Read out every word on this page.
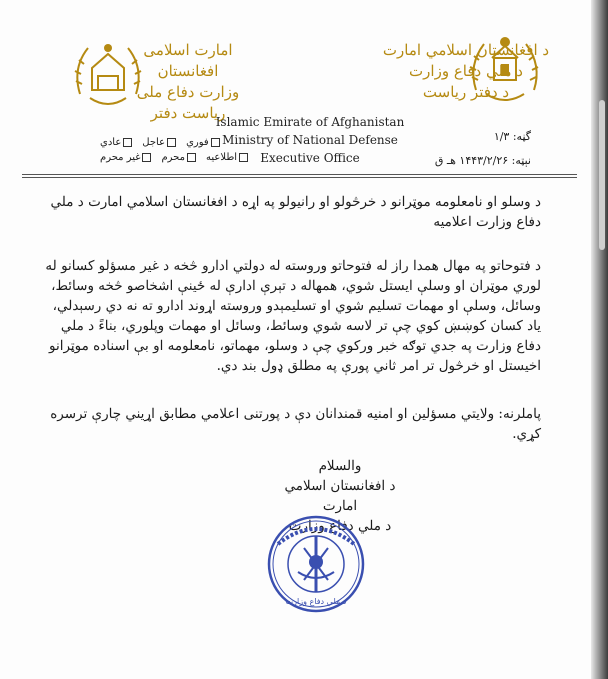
د افغانستان اسلامي امارت
د ملي دفاع وزارت
د دفتر رياست
امارت اسلامی افغانستان
وزارت دفاع ملی
ریاست دفتر
Islamic Emirate of Afghanistan
Ministry of National Defense
Executive Office
گڼه: ۱/۳
نېټه: ۱۴۴۳/۲/۲۶ هـ ق
فوري
عاجل
عادي
اطلاعيه
محرم
غير محرم
د وسلو او نامعلومه موټرانو د خرڅولو او رانيولو په اړه د افغانستان اسلامي امارت د ملي دفاع وزارت اعلاميه
د فتوحاتو په مهال همدا راز له فتوحاتو وروسته له دولتي ادارو څخه د غير مسؤلو کسانو له لوري موټران او وسلې ايستل شوي، همهاله د تېرې ادارې له ځينې اشخاصو څخه وسائط، وسائل، وسلې او مهمات تسليم شوي او تسليمېدو وروسته اړوند ادارو ته نه دي رسېدلي، ياد کسان کوښښ کوي چې تر لاسه شوي وسائط، وسائل او مهمات وپلوري، بناءً د ملي دفاع وزارت په جدي توګه خبر ورکوي چې د وسلو، مهماتو، نامعلومه او بې اسناده موټرانو اخيستل او خرڅول تر امر ثاني پورې په مطلق ډول بند دي.
پاملرنه: ولايتي مسؤلين او امنيه قمندانان دې د پورتنی اعلامي مطابق اړيني چارې ترسره کړي.
والسلام
د افغانستان اسلامي امارت
د ملي دفاع وزارت
د ملي دفاع وزارت
